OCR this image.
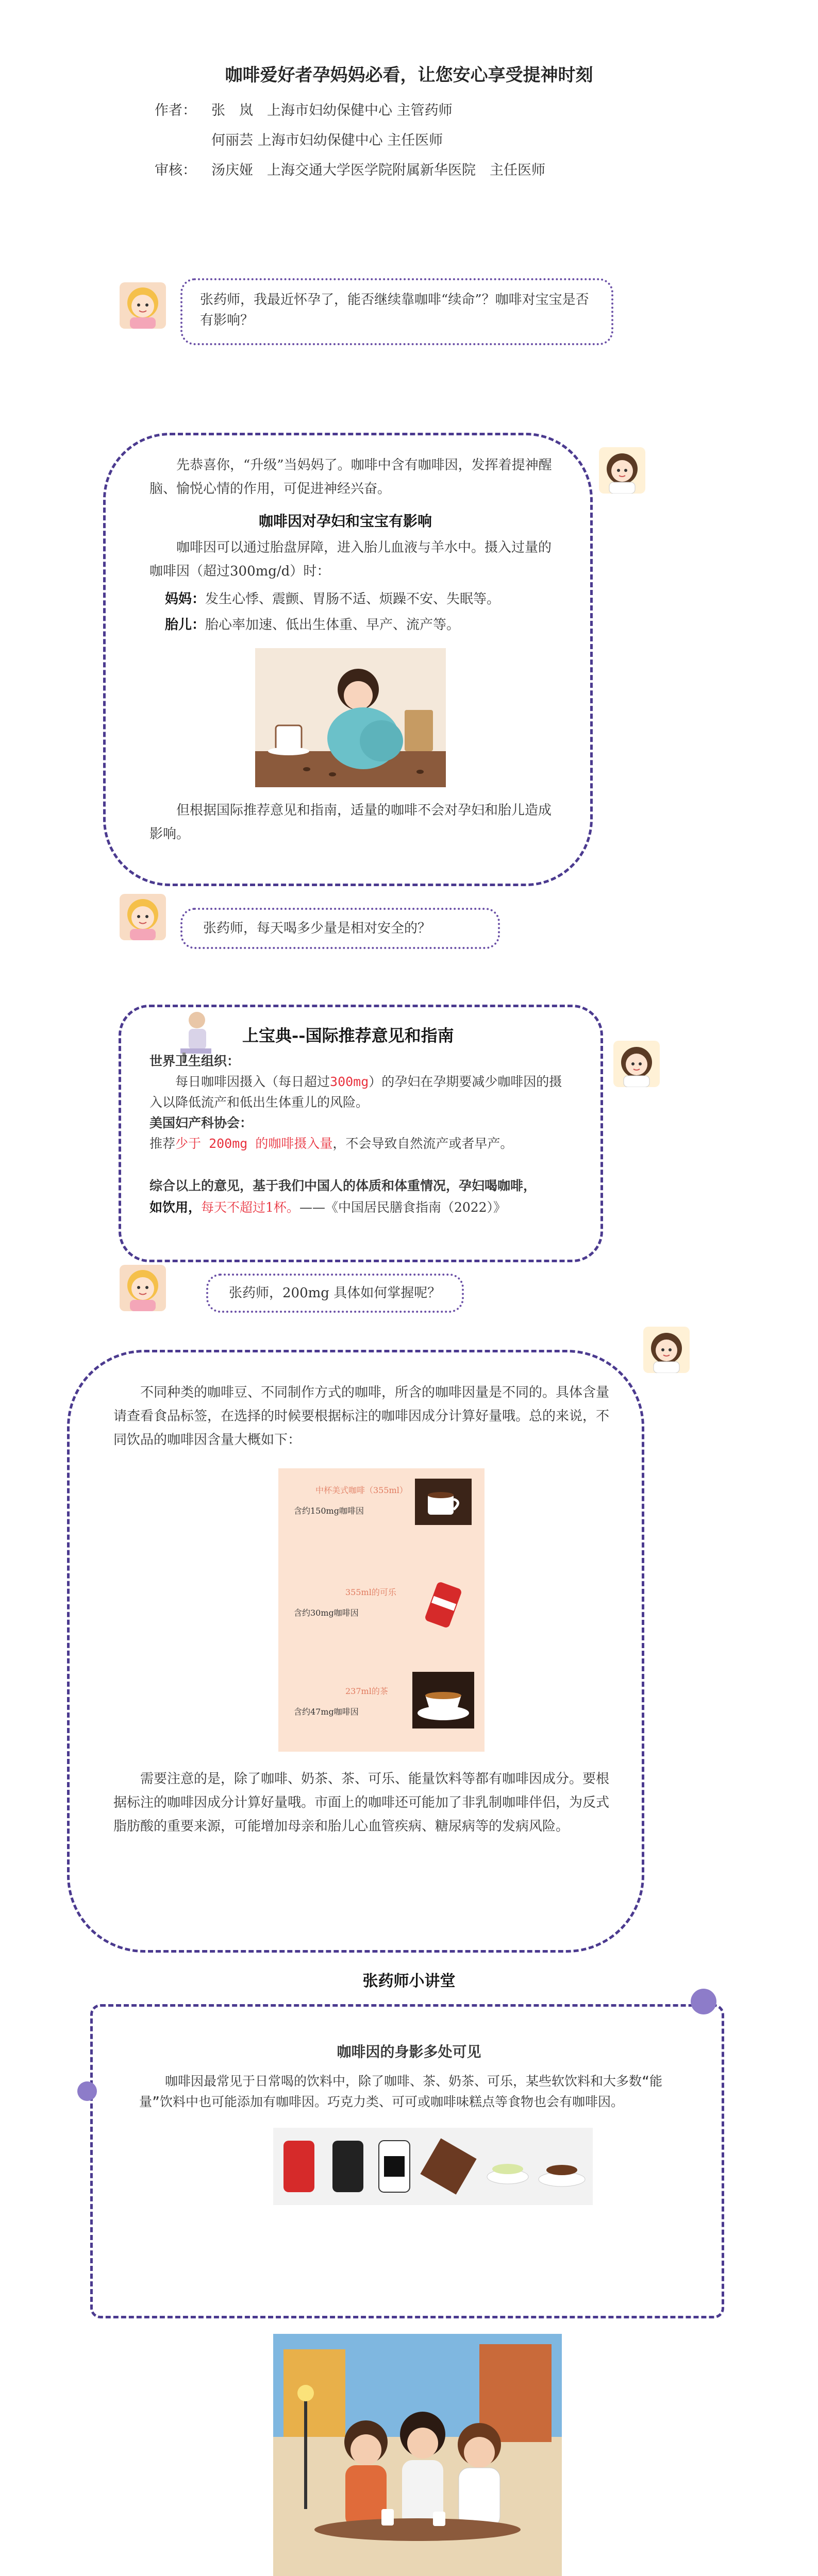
咖啡爱好者孕妈妈必看，让您安心享受提神时刻
作者： 张　岚　上海市妇幼保健中心 主管药师
何丽芸 上海市妇幼保健中心 主任医师
审核： 汤庆娅　上海交通大学医学院附属新华医院　主任医师
张药师，我最近怀孕了，能否继续靠咖啡“续命”？咖啡对宝宝是否有影响？
先恭喜你，“升级”当妈妈了。咖啡中含有咖啡因，发挥着提神醒脑、愉悦心情的作用，可促进神经兴奋。
咖啡因对孕妇和宝宝有影响
咖啡因可以通过胎盘屏障，进入胎儿血液与羊水中。摄入过量的咖啡因（超过300mg/d）时：
妈妈：发生心悸、震颤、胃肠不适、烦躁不安、失眠等。
胎儿：胎心率加速、低出生体重、早产、流产等。
但根据国际推荐意见和指南，适量的咖啡不会对孕妇和胎儿造成影响。
张药师，每天喝多少量是相对安全的？
上宝典--国际推荐意见和指南
世界卫生组织：
每日咖啡因摄入（每日超过300mg）的孕妇在孕期要减少咖啡因的摄入以降低流产和低出生体重儿的风险。
美国妇产科协会：
推荐少于 200mg 的咖啡摄入量，不会导致自然流产或者早产。
综合以上的意见，基于我们中国人的体质和体重情况，孕妇喝咖啡，
如饮用，每天不超过1杯。——《中国居民膳食指南（2022）》
张药师，200mg 具体如何掌握呢？
不同种类的咖啡豆、不同制作方式的咖啡，所含的咖啡因量是不同的。具体含量请查看食品标签，在选择的时候要根据标注的咖啡因成分计算好量哦。总的来说，不同饮品的咖啡因含量大概如下：
中杯美式咖啡（355ml）
含约150mg咖啡因
355ml的可乐
含约30mg咖啡因
237ml的茶
含约47mg咖啡因
需要注意的是，除了咖啡、奶茶、茶、可乐、能量饮料等都有咖啡因成分。要根据标注的咖啡因成分计算好量哦。市面上的咖啡还可能加了非乳制咖啡伴侣，为反式脂肪酸的重要来源，可能增加母亲和胎儿心血管疾病、糖尿病等的发病风险。
张药师小讲堂
咖啡因的身影多处可见
咖啡因最常见于日常喝的饮料中，除了咖啡、茶、奶茶、可乐，某些软饮料和大多数“能量”饮料中也可能添加有咖啡因。巧克力类、可可或咖啡味糕点等食物也会有咖啡因。
